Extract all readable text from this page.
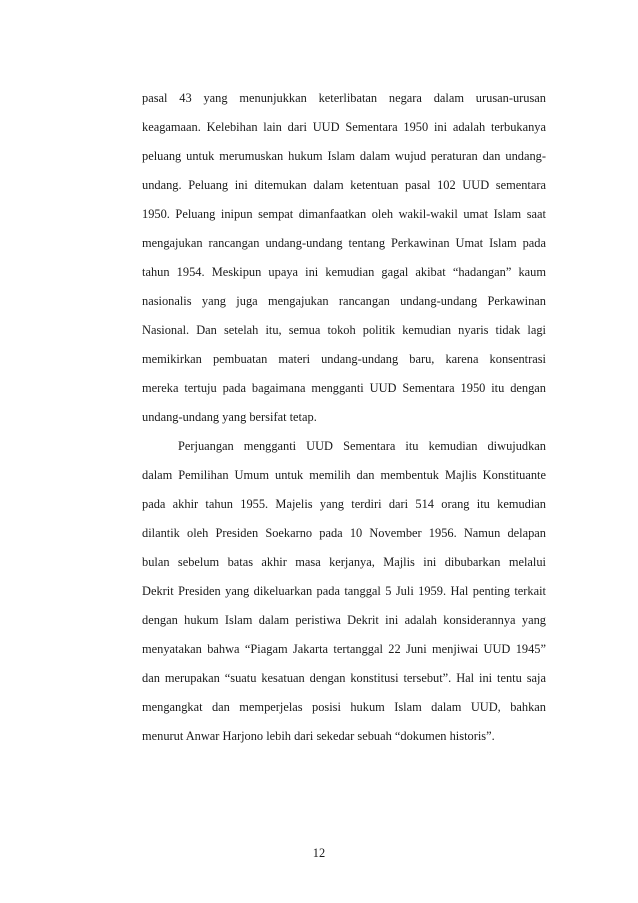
pasal 43 yang menunjukkan keterlibatan negara dalam urusan-urusan
keagamaan. Kelebihan lain dari UUD Sementara 1950 ini adalah terbukanya
peluang untuk merumuskan hukum Islam dalam wujud peraturan dan undang-
undang. Peluang ini ditemukan dalam ketentuan pasal 102 UUD sementara
1950. Peluang inipun sempat dimanfaatkan oleh wakil-wakil umat Islam saat
mengajukan rancangan undang-undang tentang Perkawinan Umat Islam pada
tahun 1954. Meskipun upaya ini kemudian gagal akibat “hadangan” kaum
nasionalis yang juga mengajukan rancangan undang-undang Perkawinan
Nasional. Dan setelah itu, semua tokoh politik kemudian nyaris tidak lagi
memikirkan pembuatan materi undang-undang baru, karena konsentrasi
mereka tertuju pada bagaimana mengganti UUD Sementara 1950 itu dengan
undang-undang yang bersifat tetap.
Perjuangan mengganti UUD Sementara itu kemudian diwujudkan
dalam Pemilihan Umum untuk memilih dan membentuk Majlis Konstituante
pada akhir tahun 1955. Majelis yang terdiri dari 514 orang itu kemudian
dilantik oleh Presiden Soekarno pada 10 November 1956. Namun delapan
bulan sebelum batas akhir masa kerjanya, Majlis ini dibubarkan melalui
Dekrit Presiden yang dikeluarkan pada tanggal 5 Juli 1959. Hal penting terkait
dengan hukum Islam dalam peristiwa Dekrit ini adalah konsiderannya yang
menyatakan bahwa “Piagam Jakarta tertanggal 22 Juni menjiwai UUD 1945”
dan merupakan “suatu kesatuan dengan konstitusi tersebut”. Hal ini tentu saja
mengangkat dan memperjelas posisi hukum Islam dalam UUD, bahkan
menurut Anwar Harjono lebih dari sekedar sebuah “dokumen historis”.
12
